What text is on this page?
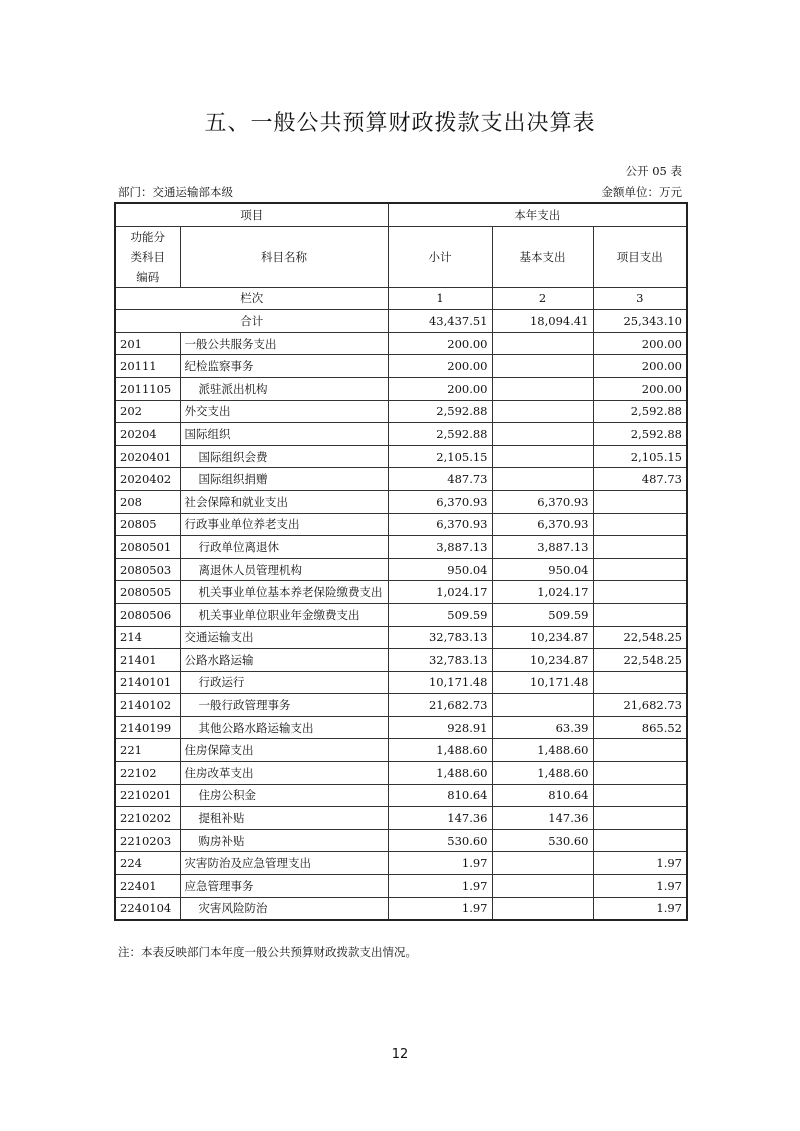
五、一般公共预算财政拨款支出决算表
公开 05 表
部门：交通运输部本级	金额单位：万元
项目		本年支出		
功能分
类科目
编码	科目名称	小计	基本支出	项目支出
栏次		1	2	3
合计		43,437.51	18,094.41	25,343.10
201	一般公共服务支出	200.00		200.00
20111	纪检监察事务	200.00		200.00
2011105	派驻派出机构	200.00		200.00
202	外交支出	2,592.88		2,592.88
20204	国际组织	2,592.88		2,592.88
2020401	国际组织会费	2,105.15		2,105.15
2020402	国际组织捐赠	487.73		487.73
208	社会保障和就业支出	6,370.93	6,370.93	
20805	行政事业单位养老支出	6,370.93	6,370.93	
2080501	行政单位离退休	3,887.13	3,887.13	
2080503	离退休人员管理机构	950.04	950.04	
2080505	机关事业单位基本养老保险缴费支出	1,024.17	1,024.17	
2080506	机关事业单位职业年金缴费支出	509.59	509.59	
214	交通运输支出	32,783.13	10,234.87	22,548.25
21401	公路水路运输	32,783.13	10,234.87	22,548.25
2140101	行政运行	10,171.48	10,171.48	
2140102	一般行政管理事务	21,682.73		21,682.73
2140199	其他公路水路运输支出	928.91	63.39	865.52
221	住房保障支出	1,488.60	1,488.60	
22102	住房改革支出	1,488.60	1,488.60	
2210201	住房公积金	810.64	810.64	
2210202	提租补贴	147.36	147.36	
2210203	购房补贴	530.60	530.60	
224	灾害防治及应急管理支出	1.97		1.97
22401	应急管理事务	1.97		1.97
2240104	灾害风险防治	1.97		1.97
注：本表反映部门本年度一般公共预算财政拨款支出情况。
12
